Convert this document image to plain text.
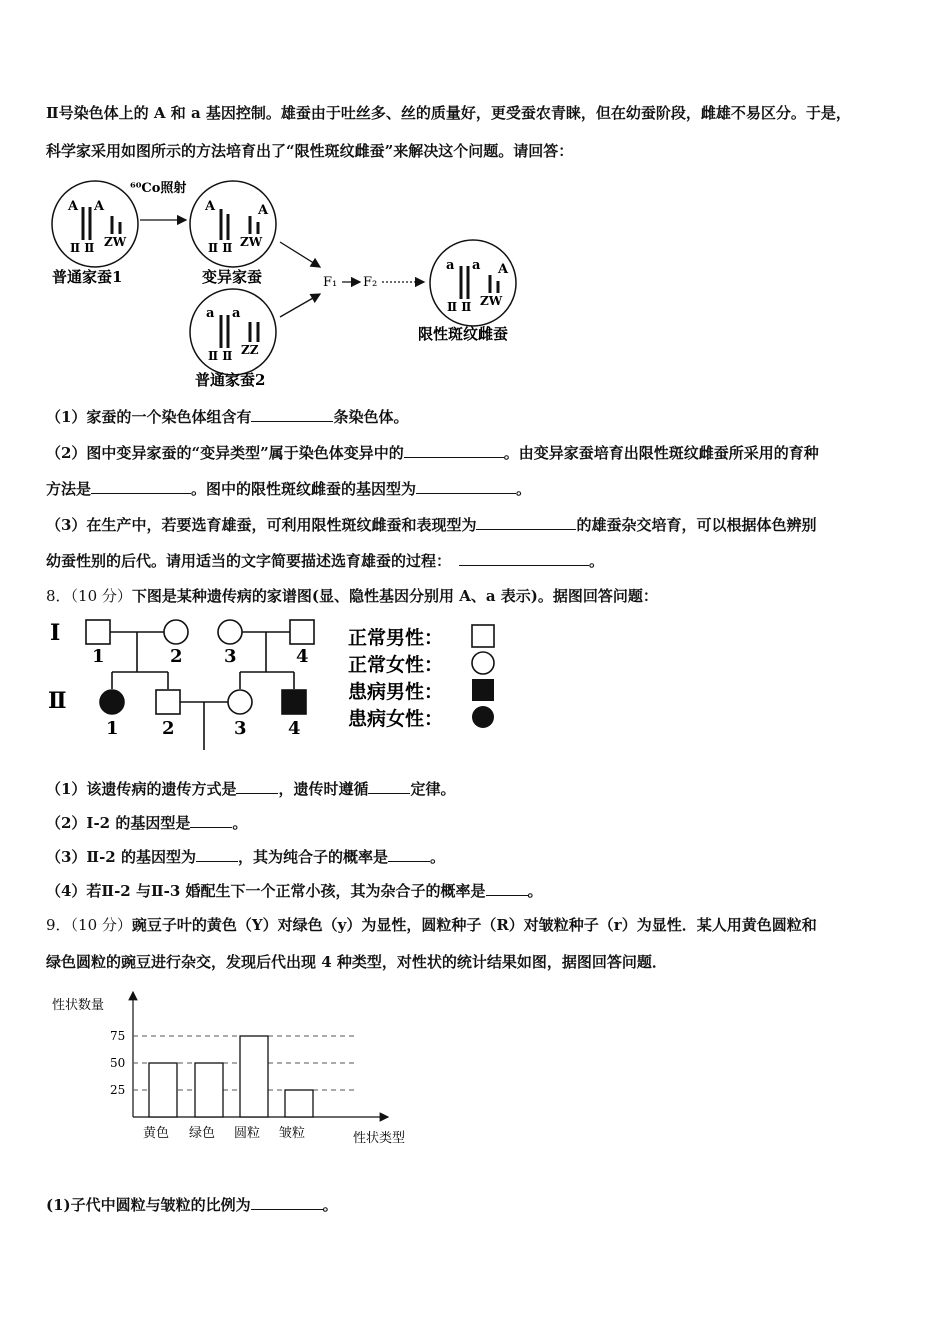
Ⅱ号染色体上的 A 和 a 基因控制。雄蚕由于吐丝多、丝的质量好，更受蚕农青睐，但在幼蚕阶段，雌雄不易区分。于是，
科学家采用如图所示的方法培育出了“限性斑纹雌蚕”来解决这个问题。请回答：
A A
Ⅱ Ⅱ ZW
A	A
Ⅱ Ⅱ ZW
a a
Ⅱ Ⅱ ZZ
a a A
Ⅱ Ⅱ ZW
⁶⁰Co照射
F₁ F₂
普通家蚕1	变异家蚕
普通家蚕2
限性斑纹雌蚕
（1）家蚕的一个染色体组含有	条染色体。
（2）图中变异家蚕的“变异类型”属于染色体变异中的	。由变异家蚕培育出限性斑纹雌蚕所采用的育种
方法是	。图中的限性斑纹雌蚕的基因型为	。
（3）在生产中，若要选育雄蚕，可利用限性斑纹雌蚕和表现型为	的雄蚕杂交培育，可以根据体色辨别
幼蚕性别的后代。请用适当的文字简要描述选育雄蚕的过程：	。
8．（10 分）下图是某种遗传病的家谱图(显、隐性基因分别用 A、a 表示)。据图回答问题：
Ⅰ
Ⅱ
1	2 3	4
1 2	3 4
正常男性：
正常女性：
患病男性：
患病女性：
（1）该遗传病的遗传方式是	，遗传时遵循	定律。
（2）Ⅰ-2 的基因型是	。
（3）Ⅱ-2 的基因型为	，其为纯合子的概率是	。
（4）若Ⅱ-2 与Ⅱ-3 婚配生下一个正常小孩，其为杂合子的概率是	。
9．（10 分）豌豆子叶的黄色（Y）对绿色（y）为显性，圆粒种子（R）对皱粒种子（r）为显性．某人用黄色圆粒和
绿色圆粒的豌豆进行杂交，发现后代出现 4 种类型，对性状的统计结果如图，据图回答问题．
性状数量
性状类型
25
50
75
黄色 绿色 圆粒 皱粒
(1)子代中圆粒与皱粒的比例为	。
